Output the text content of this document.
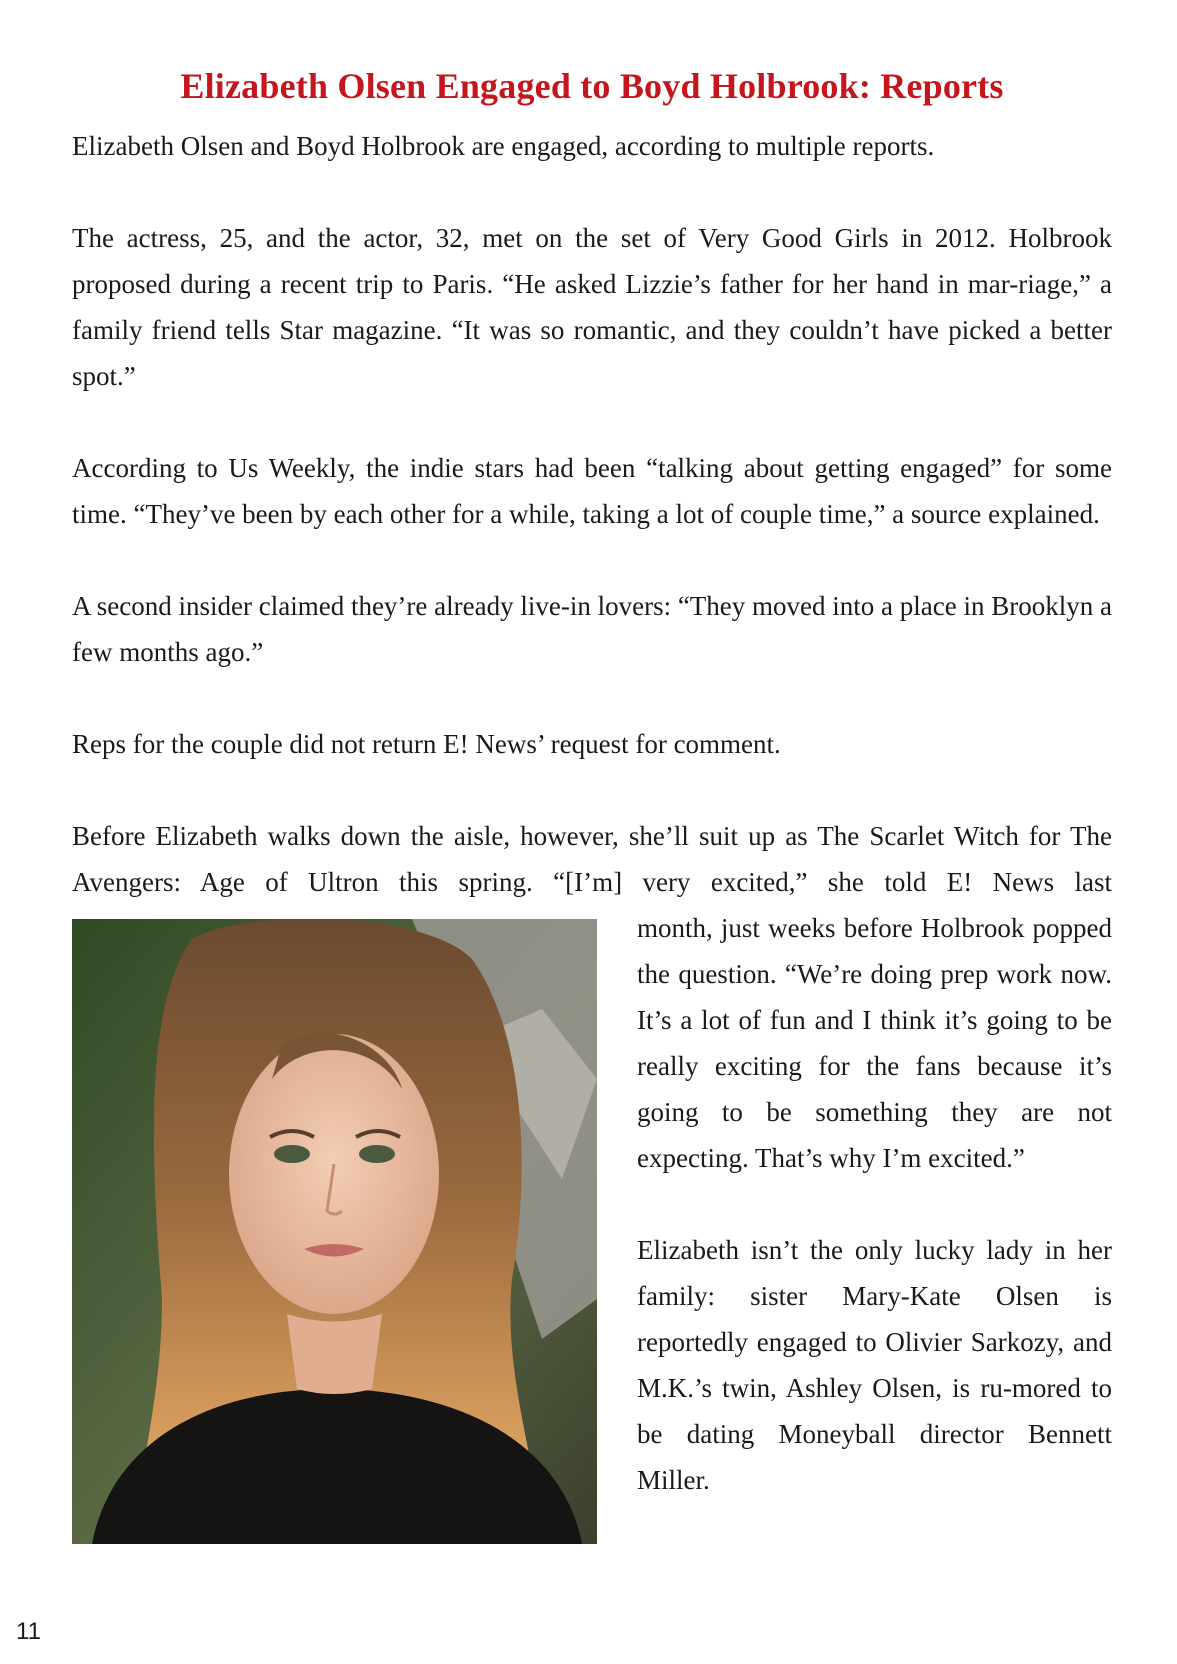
Elizabeth Olsen Engaged to Boyd Holbrook: Reports

Elizabeth Olsen and Boyd Holbrook are engaged, according to multiple reports.

The actress, 25, and the actor, 32, met on the set of Very Good Girls in 2012. Holbrook proposed during a recent trip to Paris. “He asked Lizzie’s father for her hand in mar-riage,” a family friend tells Star magazine. “It was so romantic, and they couldn’t have picked a better spot.”

According to Us Weekly, the indie stars had been “talking about getting engaged” for some time. “They’ve been by each other for a while, taking a lot of couple time,” a source explained.

A second insider claimed they’re already live-in lovers: “They moved into a place in Brooklyn a few months ago.”

Reps for the couple did not return E! News’ request for comment.

Before Elizabeth walks down the aisle, however, she’ll suit up as The Scarlet Witch for The Avengers: Age of Ultron this spring. “[I’m] very excited,” she told E! News last

month, just weeks before Holbrook popped the question. “We’re doing prep work now. It’s a lot of fun and I think it’s going to be really exciting for the fans because it’s going to be something they are not expecting. That’s why I’m excited.”

Elizabeth isn’t the only lucky lady in her family: sister Mary-Kate Olsen is reportedly engaged to Olivier Sarkozy, and M.K.’s twin, Ashley Olsen, is ru-mored to be dating Moneyball director Bennett Miller.

11
